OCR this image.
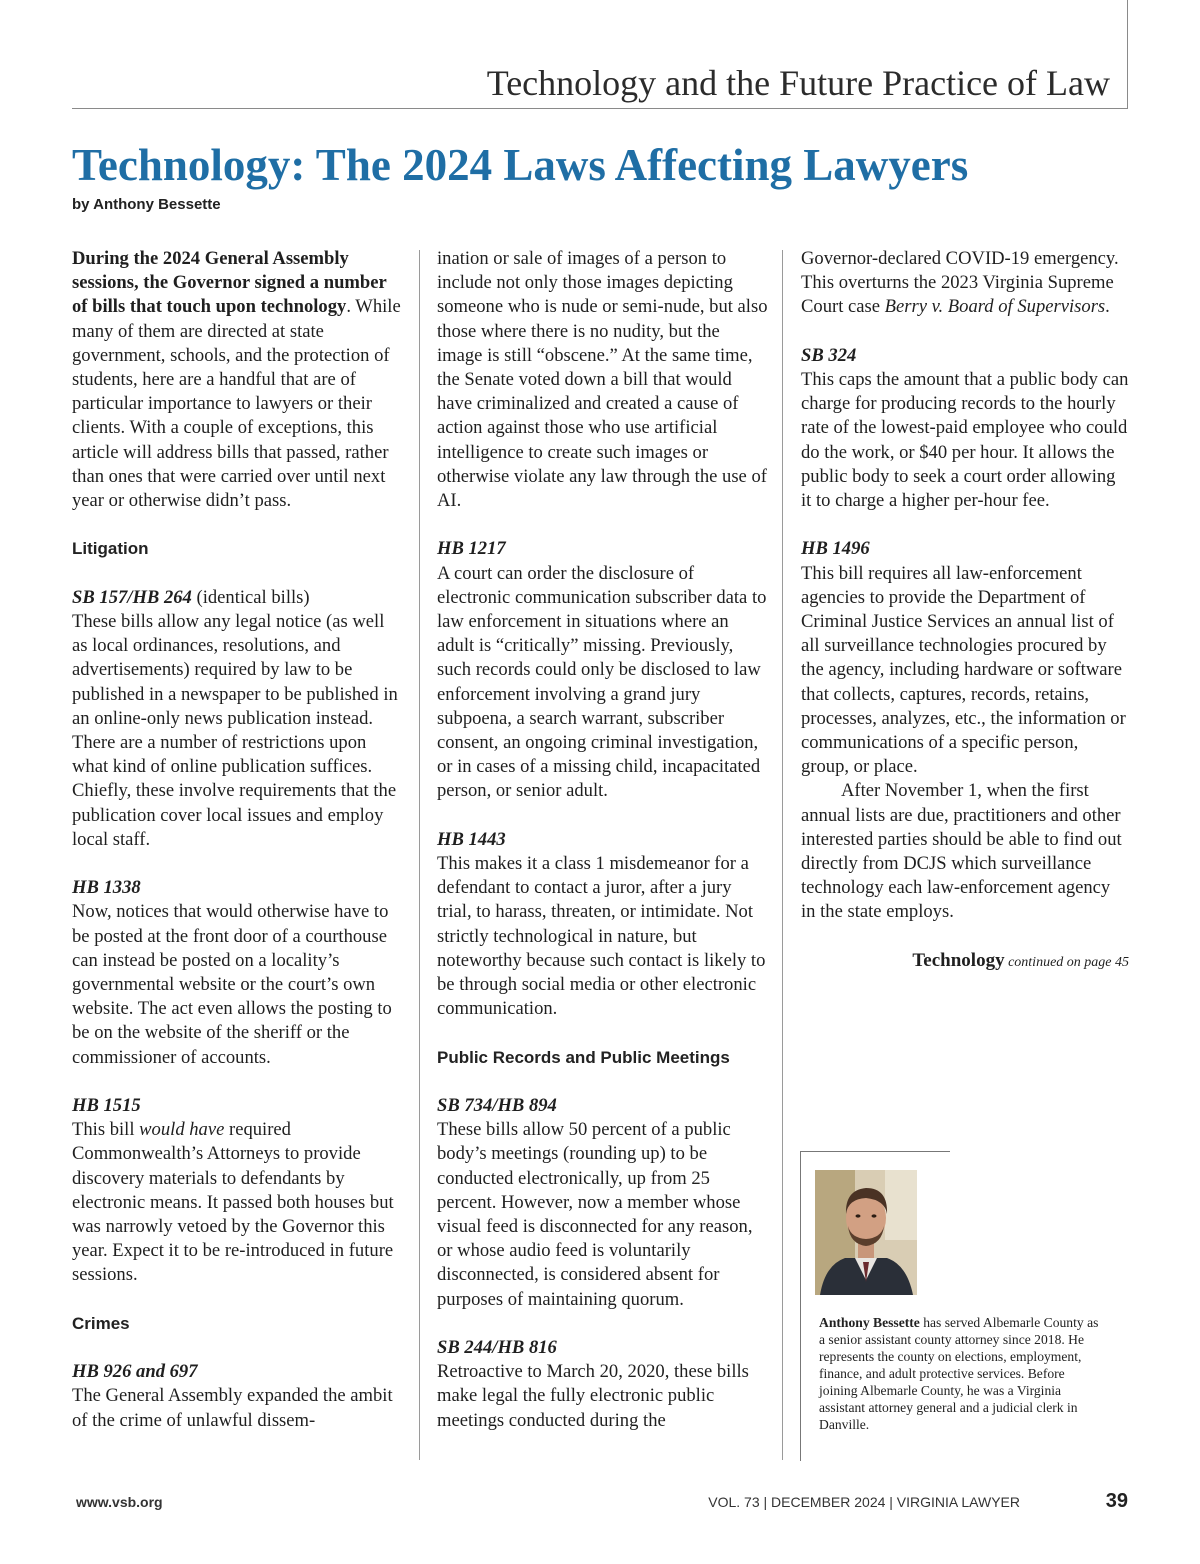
Technology and the Future Practice of Law
Technology: The 2024 Laws Affecting Lawyers
by Anthony Bessette

During the 2024 General Assembly sessions, the Governor signed a number of bills that touch upon technology. While many of them are directed at state government, schools, and the protection of students, here are a handful that are of particular importance to lawyers or their clients. With a couple of exceptions, this article will address bills that passed, rather than ones that were carried over until next year or otherwise didn’t pass.

Litigation

SB 157/HB 264 (identical bills)

These bills allow any legal notice (as well as local ordinances, resolutions, and advertisements) required by law to be published in a newspaper to be published in an online-only news publication instead. There are a number of restrictions upon what kind of online publication suffices. Chiefly, these involve requirements that the publication cover local issues and employ local staff.

HB 1338

Now, notices that would otherwise have to be posted at the front door of a courthouse can instead be posted on a locality’s governmental website or the court’s own website. The act even allows the posting to be on the website of the sheriff or the commissioner of accounts.

HB 1515

This bill would have required Commonwealth’s Attorneys to provide discovery materials to defendants by electronic means. It passed both houses but was narrowly vetoed by the Governor this year. Expect it to be re-introduced in future sessions.

Crimes

HB 926 and 697

The General Assembly expanded the ambit of the crime of unlawful dissem-

ination or sale of images of a person to include not only those images depicting someone who is nude or semi-nude, but also those where there is no nudity, but the image is still “obscene.” At the same time, the Senate voted down a bill that would have criminalized and created a cause of action against those who use artificial intelligence to create such images or otherwise violate any law through the use of AI.

HB 1217

A court can order the disclosure of electronic communication subscriber data to law enforcement in situations where an adult is “critically” missing. Previously, such records could only be disclosed to law enforcement involving a grand jury subpoena, a search warrant, subscriber consent, an ongoing criminal investigation, or in cases of a missing child, incapacitated person, or senior adult.

HB 1443

This makes it a class 1 misdemeanor for a defendant to contact a juror, after a jury trial, to harass, threaten, or intimidate. Not strictly technological in nature, but noteworthy because such contact is likely to be through social media or other electronic communication.

Public Records and Public Meetings

SB 734/HB 894

These bills allow 50 percent of a public body’s meetings (rounding up) to be conducted electronically, up from 25 percent. However, now a member whose visual feed is disconnected for any reason, or whose audio feed is voluntarily disconnected, is considered absent for purposes of maintaining quorum.

SB 244/HB 816

Retroactive to March 20, 2020, these bills make legal the fully electronic public meetings conducted during the

Governor-declared COVID-19 emergency. This overturns the 2023 Virginia Supreme Court case Berry v. Board of Supervisors.

SB 324

This caps the amount that a public body can charge for producing records to the hourly rate of the lowest-paid employee who could do the work, or $40 per hour. It allows the public body to seek a court order allowing it to charge a higher per-hour fee.

HB 1496

This bill requires all law-enforcement agencies to provide the Department of Criminal Justice Services an annual list of all surveillance technologies procured by the agency, including hardware or software that collects, captures, records, retains, processes, analyzes, etc., the information or communications of a specific person, group, or place.

After November 1, when the first annual lists are due, practitioners and other interested parties should be able to find out directly from DCJS which surveillance technology each law-enforcement agency in the state employs.

Technology continued on page 45

Anthony Bessette has served Albemarle County as a senior assistant county attorney since 2018. He represents the county on elections, employment, finance, and adult protective services. Before joining Albemarle County, he was a Virginia assistant attorney general and a judicial clerk in Danville.
www.vsb.org	VOL. 73 | DECEMBER 2024 | VIRGINIA LAWYER	39
